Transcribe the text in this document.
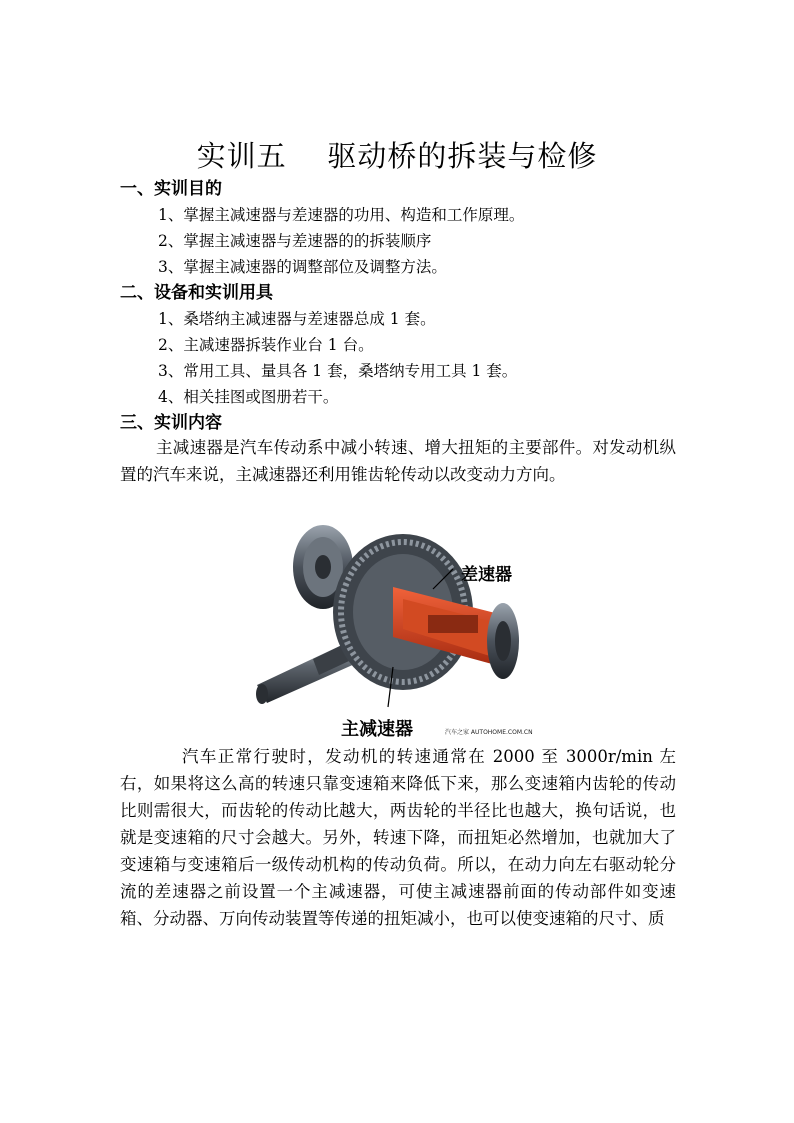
实训五    驱动桥的拆装与检修
一、实训目的
1、掌握主减速器与差速器的功用、构造和工作原理。
2、掌握主减速器与差速器的的拆装顺序
3、掌握主减速器的调整部位及调整方法。
二、设备和实训用具
1、桑塔纳主减速器与差速器总成 1 套。
2、主减速器拆装作业台 1 台。
3、常用工具、量具各 1 套，桑塔纳专用工具 1 套。
4、相关挂图或图册若干。
三、实训内容

主减速器是汽车传动系中减小转速、增大扭矩的主要部件。对发动机纵置的汽车来说，主减速器还利用锥齿轮传动以改变动力方向。

差速器
主减速器	汽车之家 AUTOHOME.COM.CN

汽车正常行驶时，发动机的转速通常在 2000 至 3000r/min 左右，如果将这么高的转速只靠变速箱来降低下来，那么变速箱内齿轮的传动比则需很大，而齿轮的传动比越大，两齿轮的半径比也越大，换句话说，也就是变速箱的尺寸会越大。另外，转速下降，而扭矩必然增加，也就加大了变速箱与变速箱后一级传动机构的传动负荷。所以，在动力向左右驱动轮分流的差速器之前设置一个主减速器，可使主减速器前面的传动部件如变速箱、分动器、万向传动装置等传递的扭矩减小，也可以使变速箱的尺寸、质
